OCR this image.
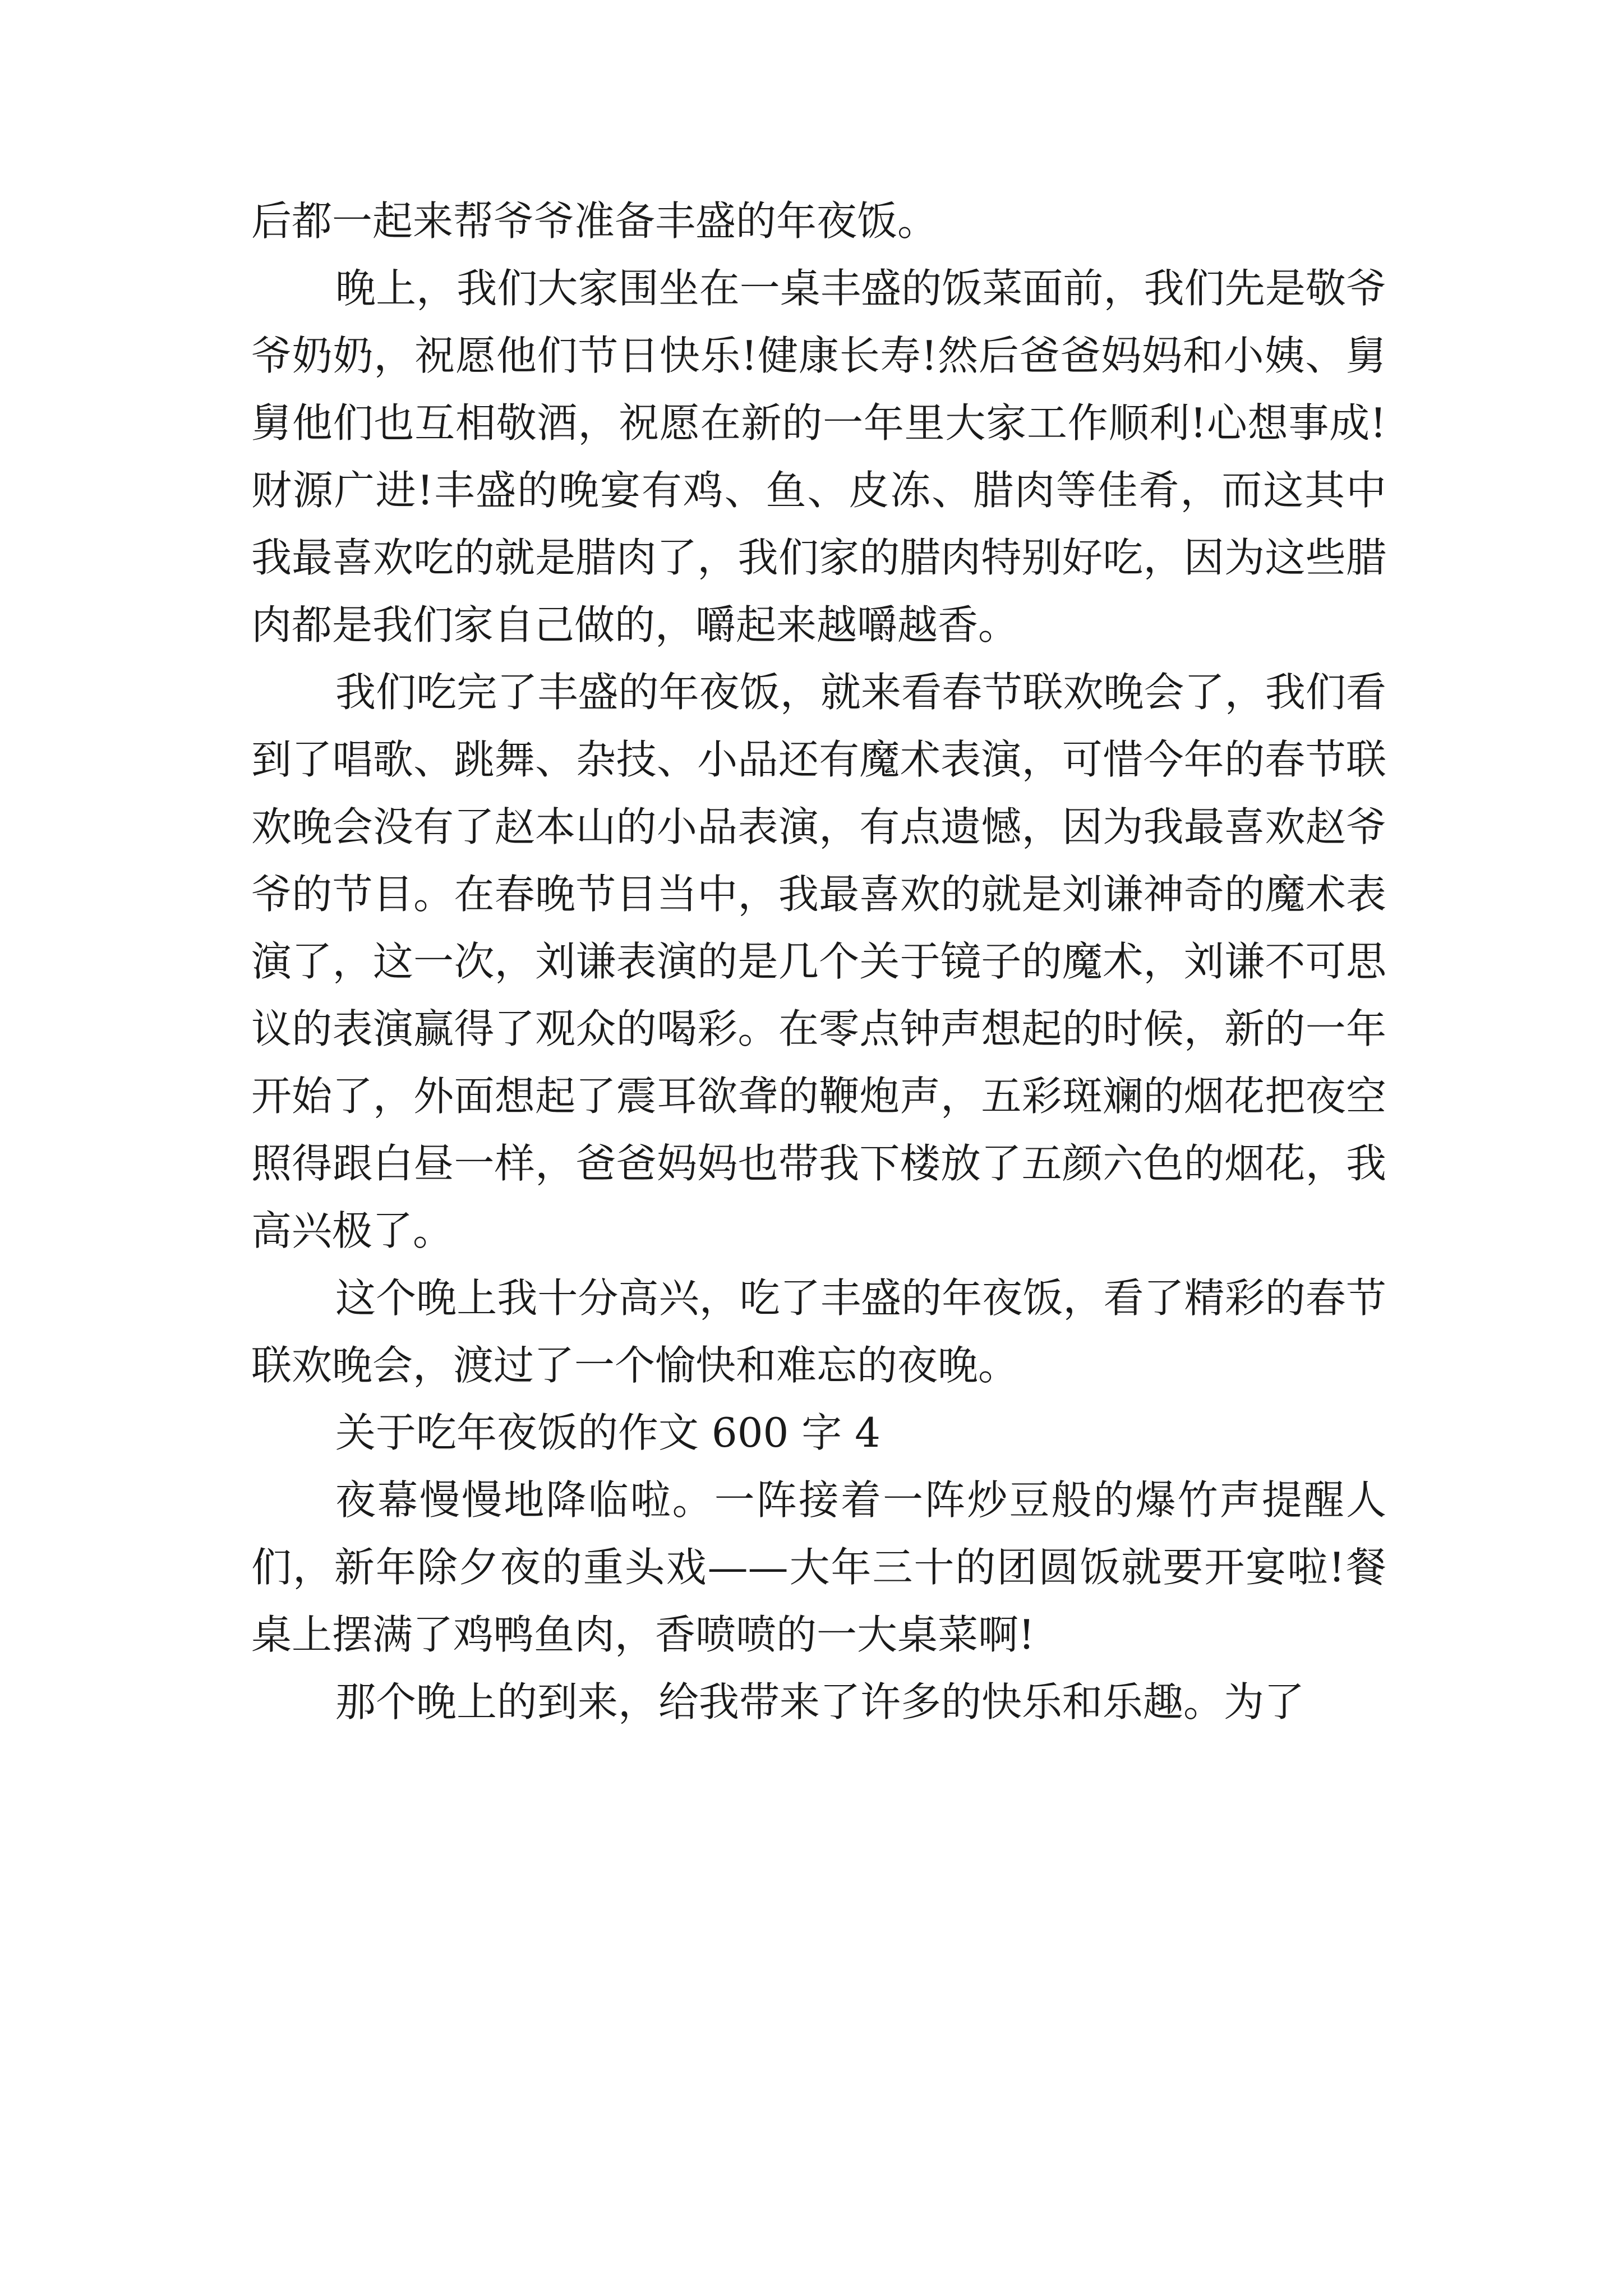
后都一起来帮爷爷准备丰盛的年夜饭。

晚上，我们大家围坐在一桌丰盛的饭菜面前，我们先是敬爷爷奶奶，祝愿他们节日快乐!健康长寿!然后爸爸妈妈和小姨、舅舅他们也互相敬酒，祝愿在新的一年里大家工作顺利!心想事成!财源广进!丰盛的晚宴有鸡、鱼、皮冻、腊肉等佳肴，而这其中我最喜欢吃的就是腊肉了，我们家的腊肉特别好吃，因为这些腊肉都是我们家自己做的，嚼起来越嚼越香。

我们吃完了丰盛的年夜饭，就来看春节联欢晚会了，我们看到了唱歌、跳舞、杂技、小品还有魔术表演，可惜今年的春节联欢晚会没有了赵本山的小品表演，有点遗憾，因为我最喜欢赵爷爷的节目。在春晚节目当中，我最喜欢的就是刘谦神奇的魔术表演了，这一次，刘谦表演的是几个关于镜子的魔术，刘谦不可思议的表演赢得了观众的喝彩。在零点钟声想起的时候，新的一年开始了，外面想起了震耳欲聋的鞭炮声，五彩斑斓的烟花把夜空照得跟白昼一样，爸爸妈妈也带我下楼放了五颜六色的烟花，我高兴极了。

这个晚上我十分高兴，吃了丰盛的年夜饭，看了精彩的春节联欢晚会，渡过了一个愉快和难忘的夜晚。

关于吃年夜饭的作文 600 字 4

夜幕慢慢地降临啦。一阵接着一阵炒豆般的爆竹声提醒人们，新年除夕夜的重头戏——大年三十的团圆饭就要开宴啦!餐桌上摆满了鸡鸭鱼肉，香喷喷的一大桌菜啊!

那个晚上的到来，给我带来了许多的快乐和乐趣。为了
